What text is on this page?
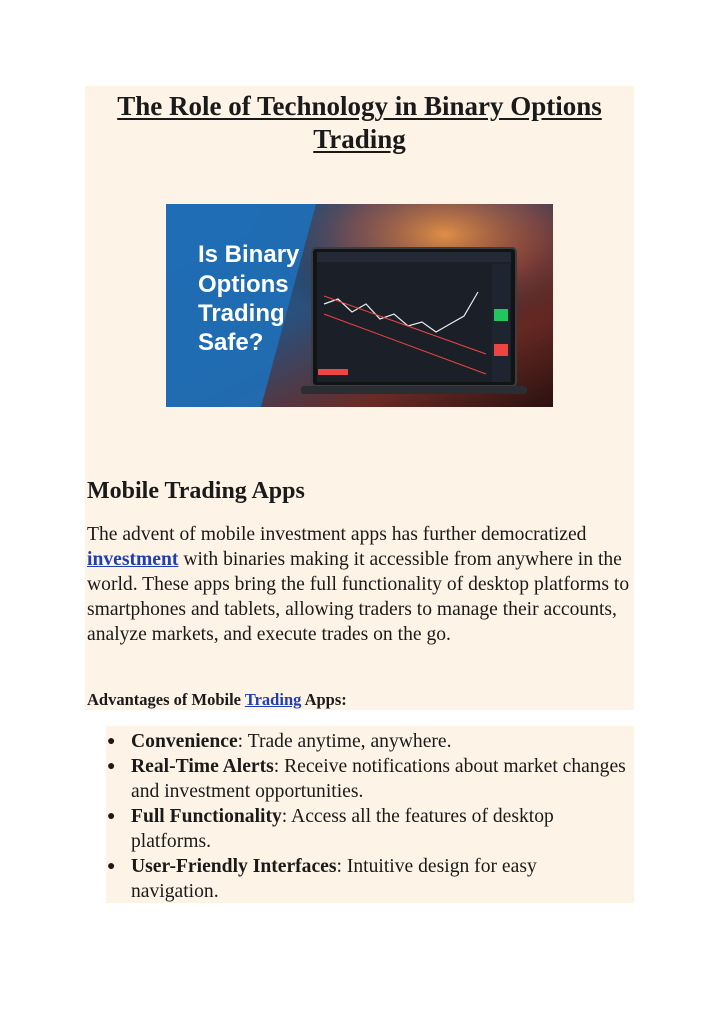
The Role of Technology in Binary Options Trading
Is Binary
Options
Trading
Safe?
Mobile Trading Apps

The advent of mobile investment apps has further democratized investment with binaries making it accessible from anywhere in the world. These apps bring the full functionality of desktop platforms to smartphones and tablets, allowing traders to manage their accounts, analyze markets, and execute trades on the go.

Advantages of Mobile Trading Apps:
● Convenience: Trade anytime, anywhere.
● Real-Time Alerts: Receive notifications about market changes and investment opportunities.
● Full Functionality: Access all the features of desktop platforms.
● User-Friendly Interfaces: Intuitive design for easy navigation.
